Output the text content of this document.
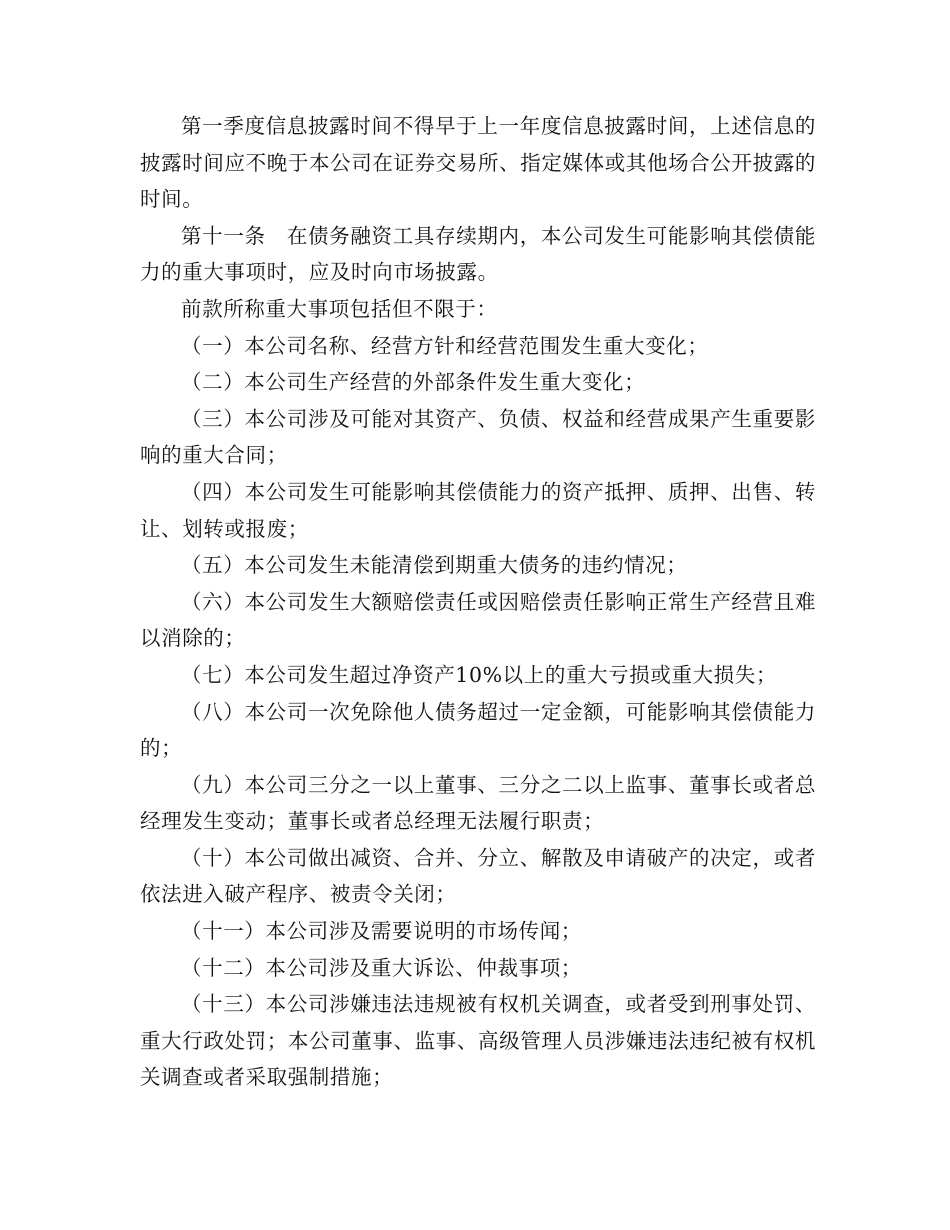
第一季度信息披露时间不得早于上一年度信息披露时间，上述信息的披露时间应不晚于本公司在证券交易所、指定媒体或其他场合公开披露的时间。

第十一条　在债务融资工具存续期内，本公司发生可能影响其偿债能力的重大事项时，应及时向市场披露。

前款所称重大事项包括但不限于：

（一）本公司名称、经营方针和经营范围发生重大变化；

（二）本公司生产经营的外部条件发生重大变化；

（三）本公司涉及可能对其资产、负债、权益和经营成果产生重要影响的重大合同；

（四）本公司发生可能影响其偿债能力的资产抵押、质押、出售、转让、划转或报废；

（五）本公司发生未能清偿到期重大债务的违约情况；

（六）本公司发生大额赔偿责任或因赔偿责任影响正常生产经营且难以消除的；

（七）本公司发生超过净资产10%以上的重大亏损或重大损失；

（八）本公司一次免除他人债务超过一定金额，可能影响其偿债能力的；

（九）本公司三分之一以上董事、三分之二以上监事、董事长或者总经理发生变动；董事长或者总经理无法履行职责；

（十）本公司做出减资、合并、分立、解散及申请破产的决定，或者依法进入破产程序、被责令关闭；

（十一）本公司涉及需要说明的市场传闻；

（十二）本公司涉及重大诉讼、仲裁事项；

（十三）本公司涉嫌违法违规被有权机关调查，或者受到刑事处罚、重大行政处罚；本公司董事、监事、高级管理人员涉嫌违法违纪被有权机关调查或者采取强制措施；
